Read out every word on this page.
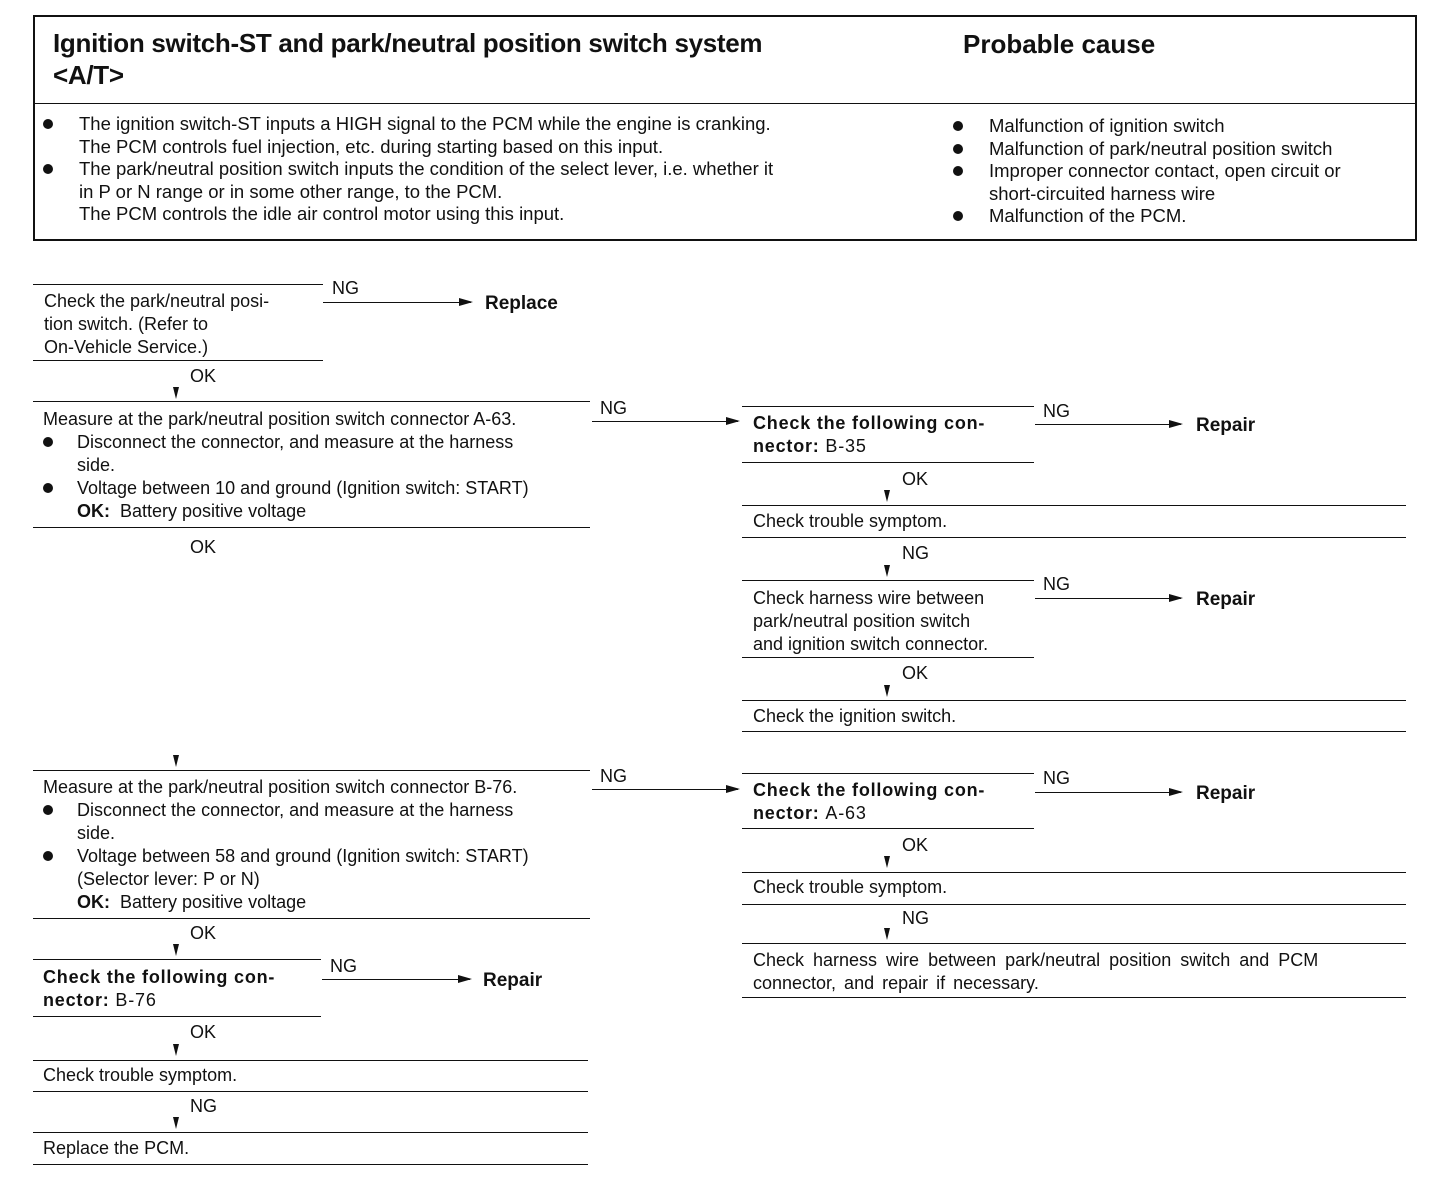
Ignition switch-ST and park/neutral position switch system
<A/T>
Probable cause
The ignition switch-ST inputs a HIGH signal to the PCM while the engine is cranking.
The PCM controls fuel injection, etc. during starting based on this input.
The park/neutral position switch inputs the condition of the select lever, i.e. whether it
in P or N range or in some other range, to the PCM.
The PCM controls the idle air control motor using this input.
Malfunction of ignition switch
Malfunction of park/neutral position switch
Improper connector contact, open circuit or
short-circuited harness wire
Malfunction of the PCM.
Check the park/neutral posi-
tion switch. (Refer to
On-Vehicle Service.)
NG
Replace
OK
Measure at the park/neutral position switch connector A-63.
Disconnect the connector, and measure at the harness
side.
Voltage between 10 and ground (Ignition switch: START)
OK: Battery positive voltage
NG
OK
Check the following con-
nector: B-35
NG
Repair
OK
Check trouble symptom.
NG
Check harness wire between
park/neutral position switch
and ignition switch connector.
NG
Repair
OK
Check the ignition switch.
Measure at the park/neutral position switch connector B-76.
Disconnect the connector, and measure at the harness
side.
Voltage between 58 and ground (Ignition switch: START)
(Selector lever: P or N)
OK: Battery positive voltage
NG
Check the following con-
nector: A-63
NG
Repair
OK
Check trouble symptom.
NG
Check harness wire between park/neutral position switch and PCM
connector, and repair if necessary.
OK
Check the following con-
nector: B-76
NG
Repair
OK
Check trouble symptom.
NG
Replace the PCM.
